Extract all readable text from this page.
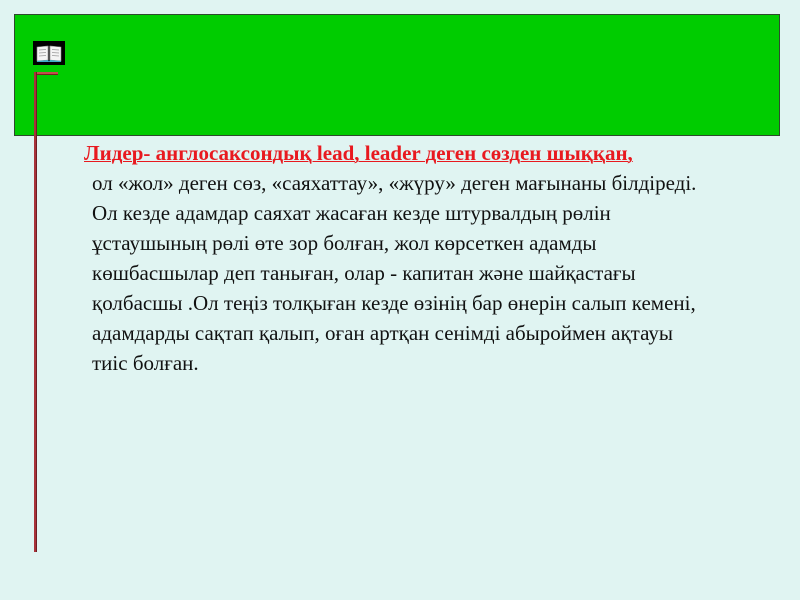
Лидер- англосаксондық lead, leader деген сөзден шыққан,

ол «жол» деген сөз, «саяхаттау», «жүру» деген мағынаны білдіреді. Ол кезде адамдар саяхат жасаған кезде штурвалдың рөлін ұстаушының рөлі өте зор болған, жол көрсеткен адамды көшбасшылар деп таныған, олар - капитан және шайқастағы қолбасшы .Ол теңіз толқыған кезде өзінің бар өнерін салып кемені, адамдарды сақтап қалып, оған артқан сенімді абыроймен ақтауы тиіс болған.
